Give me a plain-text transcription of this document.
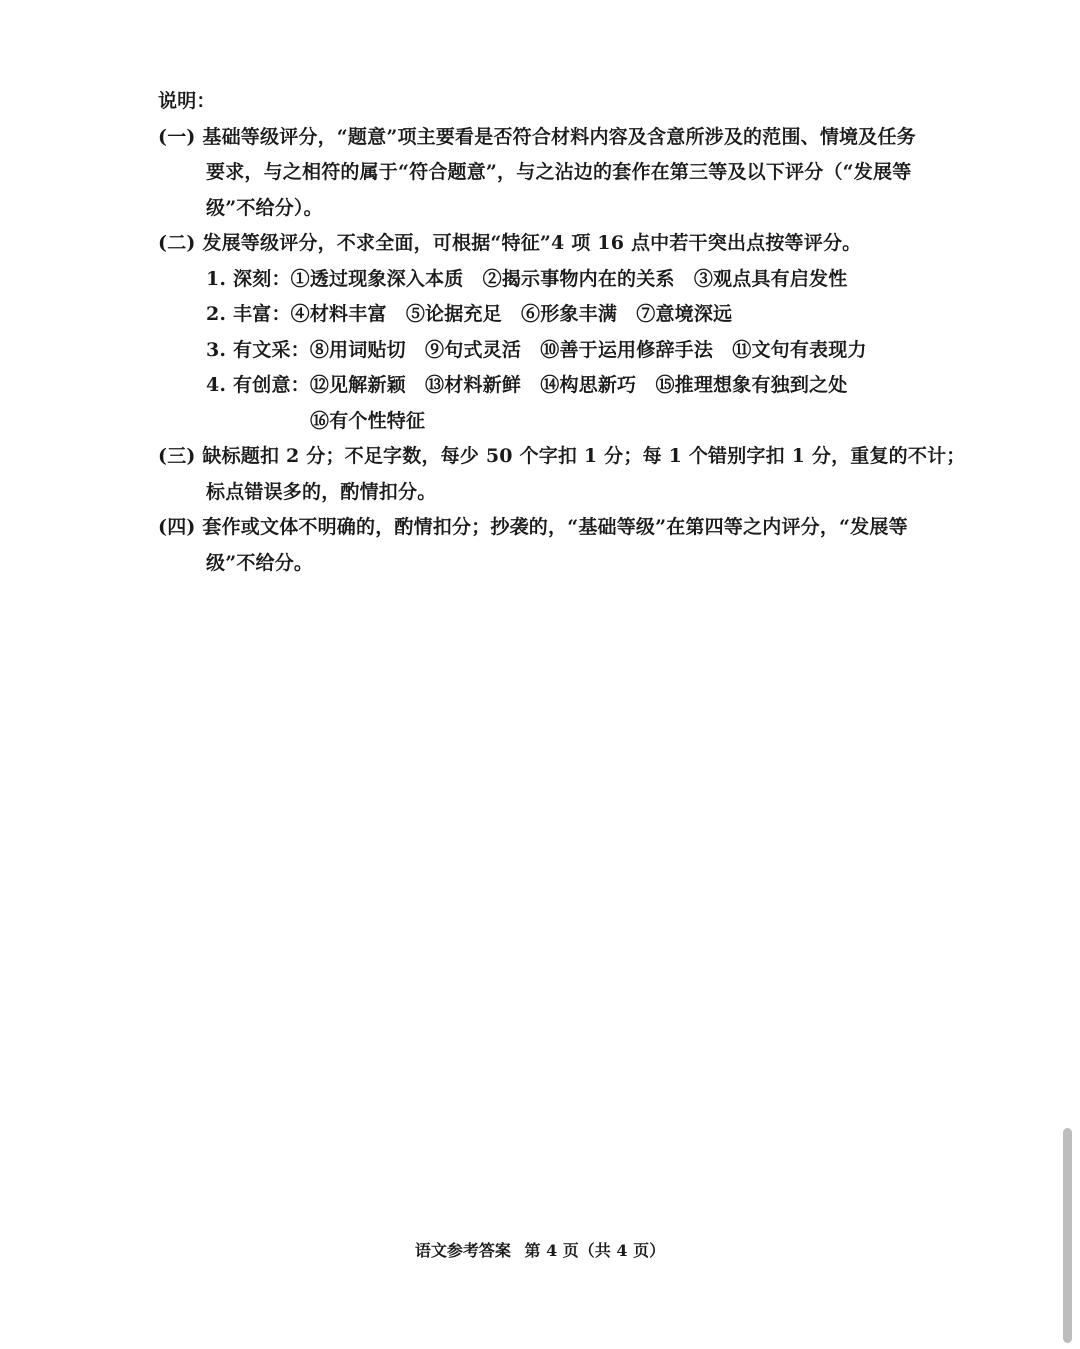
说明：
(一) 基础等级评分，“题意”项主要看是否符合材料内容及含意所涉及的范围、情境及任务
要求，与之相符的属于“符合题意”，与之沾边的套作在第三等及以下评分（“发展等
级”不给分）。
(二) 发展等级评分，不求全面，可根据“特征”4 项 16 点中若干突出点按等评分。
1. 深刻：①透过现象深入本质　②揭示事物内在的关系　③观点具有启发性
2. 丰富：④材料丰富　⑤论据充足　⑥形象丰满　⑦意境深远
3. 有文采：⑧用词贴切　⑨句式灵活　⑩善于运用修辞手法　⑪文句有表现力
4. 有创意：⑫见解新颖　⑬材料新鲜　⑭构思新巧　⑮推理想象有独到之处
⑯有个性特征
(三) 缺标题扣 2 分；不足字数，每少 50 个字扣 1 分；每 1 个错别字扣 1 分，重复的不计；
标点错误多的，酌情扣分。
(四) 套作或文体不明确的，酌情扣分；抄袭的，“基础等级”在第四等之内评分，“发展等
级”不给分。
语文参考答案 第 4 页（共 4 页）
